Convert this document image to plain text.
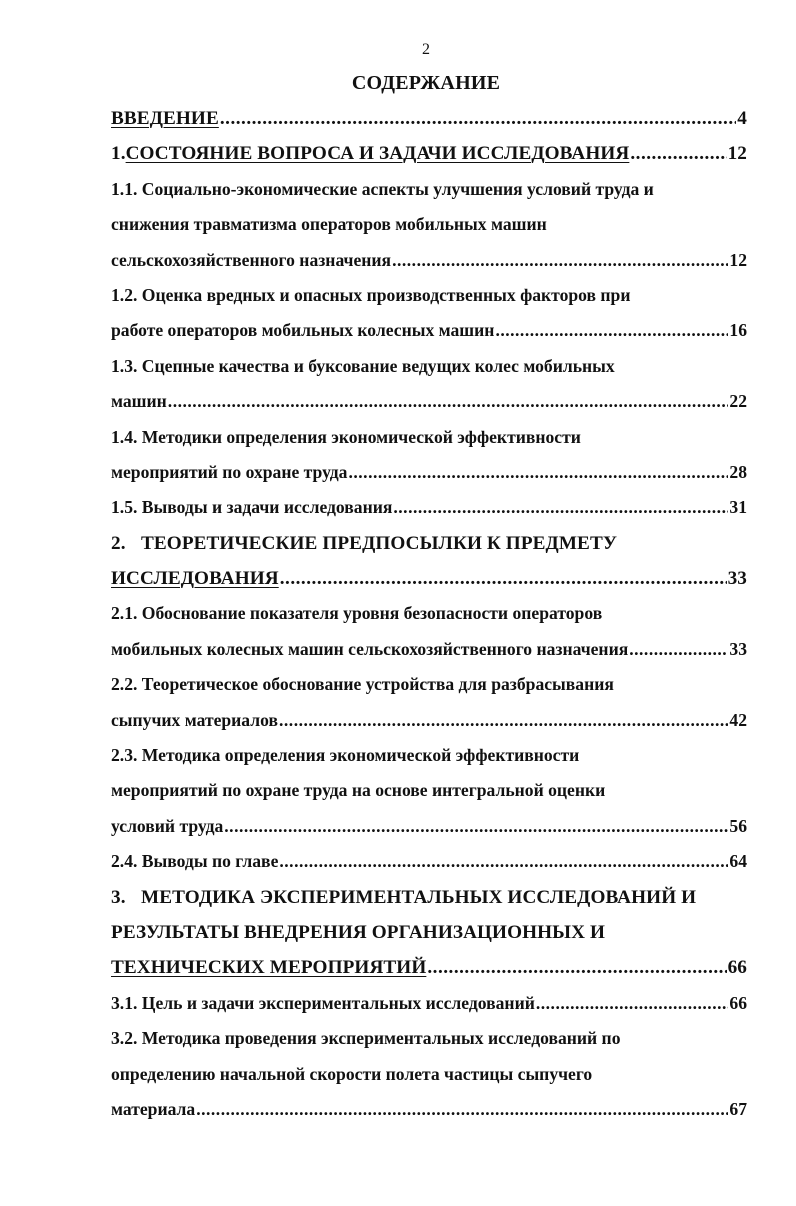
2
СОДЕРЖАНИЕ
ВВЕДЕНИЕ .....	4
1. СОСТОЯНИЕ ВОПРОСА И ЗАДАЧИ ИССЛЕДОВАНИЯ .....	12
1.1. Социально-экономические аспекты улучшения условий труда и
снижения травматизма операторов мобильных машин
сельскохозяйственного назначения .....	12
1.2. Оценка вредных и опасных производственных факторов при
работе операторов мобильных колесных машин .....	16
1.3. Сцепные качества и буксование ведущих колес мобильных
машин .....	22
1.4. Методики определения экономической эффективности
мероприятий по охране труда .....	28
1.5. Выводы и задачи исследования .....	31
2. ТЕОРЕТИЧЕСКИЕ ПРЕДПОСЫЛКИ К ПРЕДМЕТУ
ИССЛЕДОВАНИЯ .....	33
2.1. Обоснование показателя уровня безопасности операторов
мобильных колесных машин сельскохозяйственного назначения .....	33
2.2. Теоретическое обоснование устройства для разбрасывания
сыпучих материалов .....	42
2.3. Методика определения экономической эффективности
мероприятий по охране труда на основе интегральной оценки
условий труда .....	56
2.4. Выводы по главе .....	64
3. МЕТОДИКА ЭКСПЕРИМЕНТАЛЬНЫХ ИССЛЕДОВАНИЙ И
РЕЗУЛЬТАТЫ ВНЕДРЕНИЯ ОРГАНИЗАЦИОННЫХ И
ТЕХНИЧЕСКИХ МЕРОПРИЯТИЙ .....	66
3.1. Цель и задачи экспериментальных исследований .....	66
3.2. Методика проведения экспериментальных исследований по
определению начальной скорости полета частицы сыпучего
материала .....	67
